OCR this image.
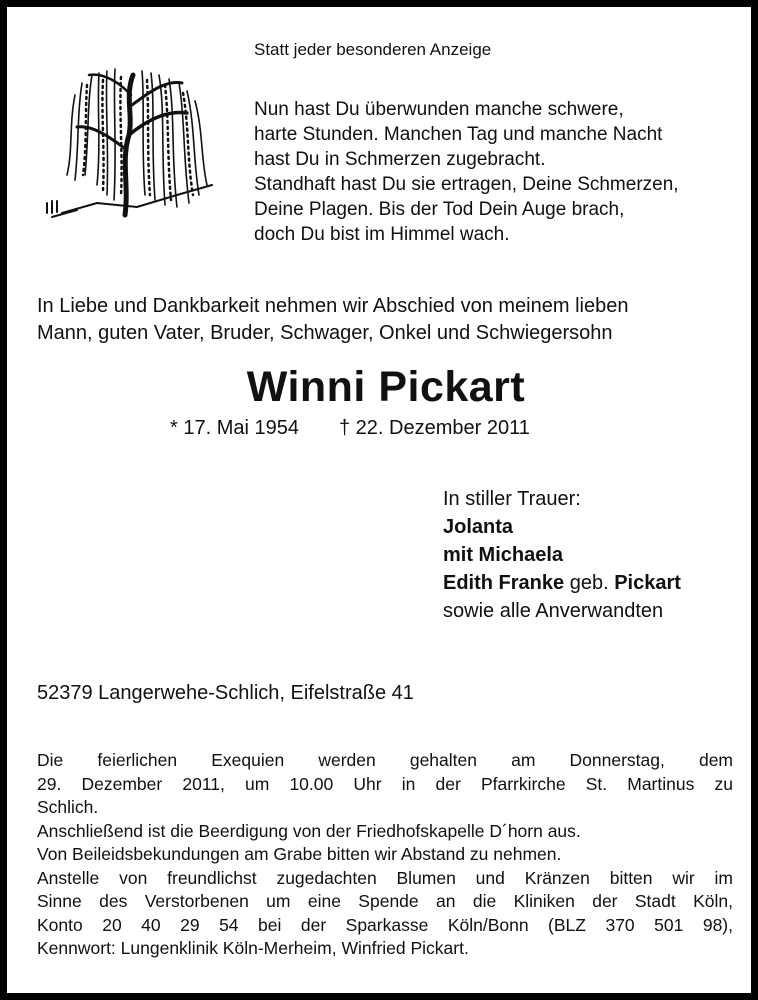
Statt jeder besonderen Anzeige
Nun hast Du überwunden manche schwere,
harte Stunden. Manchen Tag und manche Nacht
hast Du in Schmerzen zugebracht.
Standhaft hast Du sie ertragen, Deine Schmerzen,
Deine Plagen. Bis der Tod Dein Auge brach,
doch Du bist im Himmel wach.
In Liebe und Dankbarkeit nehmen wir Abschied von meinem lieben
Mann, guten Vater, Bruder, Schwager, Onkel und Schwiegersohn
Winni Pickart
* 17. Mai 1954 † 22. Dezember 2011
In stiller Trauer:
Jolanta
mit Michaela
Edith Franke geb. Pickart
sowie alle Anverwandten
52379 Langerwehe-Schlich, Eifelstraße 41
Die feierlichen Exequien werden gehalten am Donnerstag, dem
29. Dezember 2011, um 10.00 Uhr in der Pfarrkirche St. Martinus zu
Schlich.
Anschließend ist die Beerdigung von der Friedhofskapelle D´horn aus.
Von Beileidsbekundungen am Grabe bitten wir Abstand zu nehmen.
Anstelle von freundlichst zugedachten Blumen und Kränzen bitten wir im
Sinne des Verstorbenen um eine Spende an die Kliniken der Stadt Köln,
Konto 20 40 29 54 bei der Sparkasse Köln/Bonn (BLZ 370 501 98),
Kennwort: Lungenklinik Köln-Merheim, Winfried Pickart.
